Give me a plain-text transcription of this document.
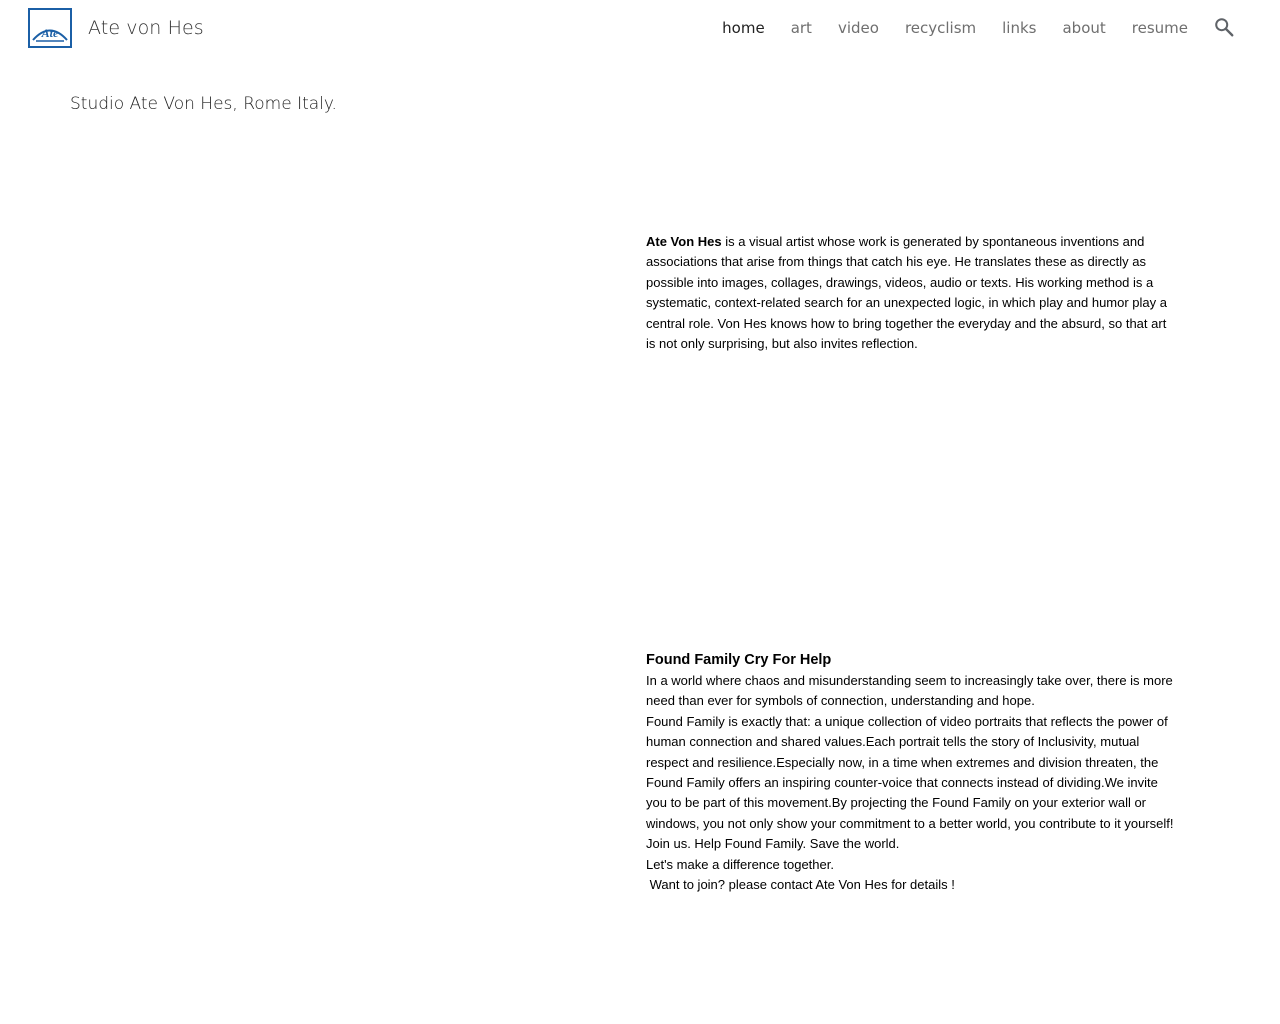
Ate Ate von Hes	home art video recyclism links about resume
Studio Ate Von Hes, Rome Italy.

Ate Von Hes is a visual artist whose work is generated by spontaneous inventions and associations that arise from things that catch his eye. He translates these as directly as possible into images, collages, drawings, videos, audio or texts. His working method is a systematic, context-related search for an unexpected logic, in which play and humor play a central role. Von Hes knows how to bring together the everyday and the absurd, so that art is not only surprising, but also invites reflection.

Found Family Cry For Help

In a world where chaos and misunderstanding seem to increasingly take over, there is more need than ever for symbols of connection, understanding and hope.

Found Family is exactly that: a unique collection of video portraits that reflects the power of human connection and shared values.Each portrait tells the story of Inclusivity, mutual respect and resilience.Especially now, in a time when extremes and division threaten, the Found Family offers an inspiring counter-voice that connects instead of dividing.We invite you to be part of this movement.By projecting the Found Family on your exterior wall or windows, you not only show your commitment to a better world, you contribute to it yourself!

Join us. Help Found Family. Save the world.

Let's make a difference together.

Want to join? please contact Ate Von Hes for details !
